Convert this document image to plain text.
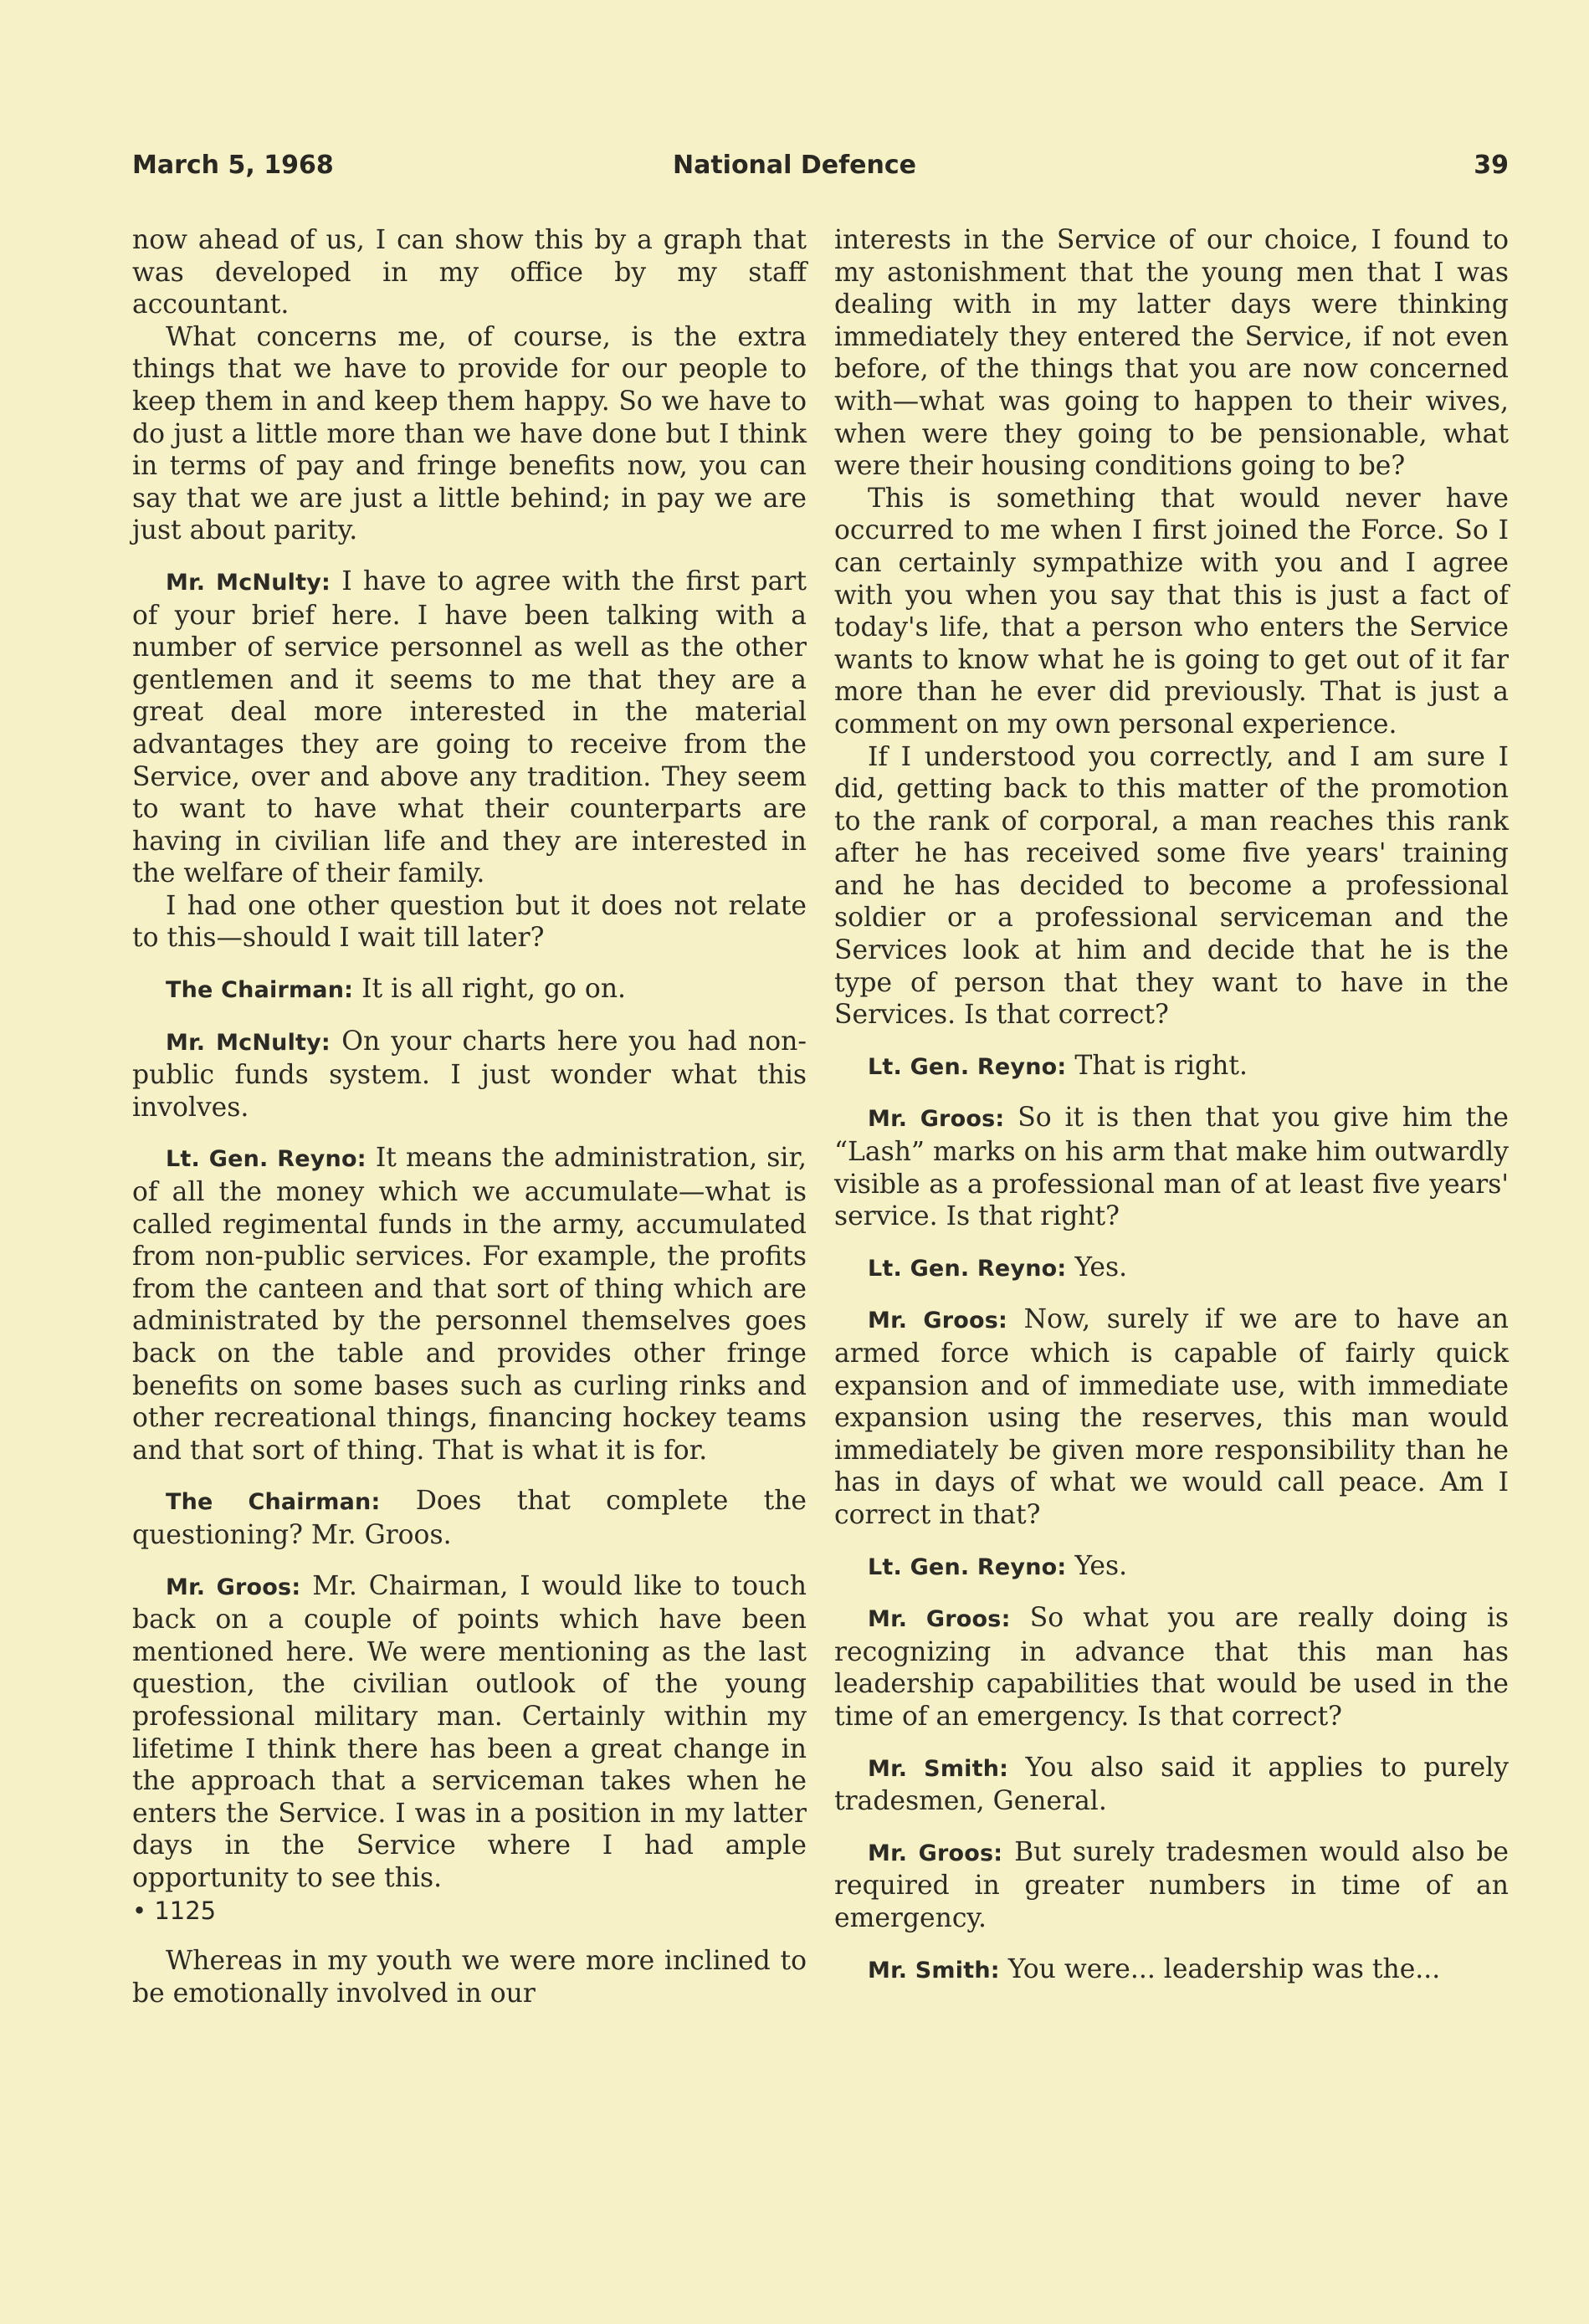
National Defence
March 5, 1968	39

now ahead of us, I can show this by a graph that was developed in my office by my staff accountant.

What concerns me, of course, is the extra things that we have to provide for our people to keep them in and keep them happy. So we have to do just a little more than we have done but I think in terms of pay and fringe benefits now, you can say that we are just a little behind; in pay we are just about parity.

Mr. McNulty: I have to agree with the first part of your brief here. I have been talking with a number of service personnel as well as the other gentlemen and it seems to me that they are a great deal more interested in the material advantages they are going to receive from the Service, over and above any tradition. They seem to want to have what their counterparts are having in civilian life and they are interested in the welfare of their family.

I had one other question but it does not relate to this—should I wait till later?

The Chairman: It is all right, go on.

Mr. McNulty: On your charts here you had non-public funds system. I just wonder what this involves.

Lt. Gen. Reyno: It means the administration, sir, of all the money which we accumulate—what is called regimental funds in the army, accumulated from non-public services. For example, the profits from the canteen and that sort of thing which are administrated by the personnel themselves goes back on the table and provides other fringe benefits on some bases such as curling rinks and other recreational things, financing hockey teams and that sort of thing. That is what it is for.

The Chairman: Does that complete the questioning? Mr. Groos.

Mr. Groos: Mr. Chairman, I would like to touch back on a couple of points which have been mentioned here. We were mentioning as the last question, the civilian outlook of the young professional military man. Certainly within my lifetime I think there has been a great change in the approach that a serviceman takes when he enters the Service. I was in a position in my latter days in the Service where I had ample opportunity to see this.

• 1125

Whereas in my youth we were more inclined to be emotionally involved in our

interests in the Service of our choice, I found to my astonishment that the young men that I was dealing with in my latter days were thinking immediately they entered the Service, if not even before, of the things that you are now concerned with—what was going to happen to their wives, when were they going to be pensionable, what were their housing conditions going to be?

This is something that would never have occurred to me when I first joined the Force. So I can certainly sympathize with you and I agree with you when you say that this is just a fact of today's life, that a person who enters the Service wants to know what he is going to get out of it far more than he ever did previously. That is just a comment on my own personal experience.

If I understood you correctly, and I am sure I did, getting back to this matter of the promotion to the rank of corporal, a man reaches this rank after he has received some five years' training and he has decided to become a professional soldier or a professional serviceman and the Services look at him and decide that he is the type of person that they want to have in the Services. Is that correct?

Lt. Gen. Reyno: That is right.

Mr. Groos: So it is then that you give him the “Lash” marks on his arm that make him outwardly visible as a professional man of at least five years' service. Is that right?

Lt. Gen. Reyno: Yes.

Mr. Groos: Now, surely if we are to have an armed force which is capable of fairly quick expansion and of immediate use, with immediate expansion using the reserves, this man would immediately be given more responsibility than he has in days of what we would call peace. Am I correct in that?

Lt. Gen. Reyno: Yes.

Mr. Groos: So what you are really doing is recognizing in advance that this man has leadership capabilities that would be used in the time of an emergency. Is that correct?

Mr. Smith: You also said it applies to purely tradesmen, General.

Mr. Groos: But surely tradesmen would also be required in greater numbers in time of an emergency.

Mr. Smith: You were... leadership was the...
